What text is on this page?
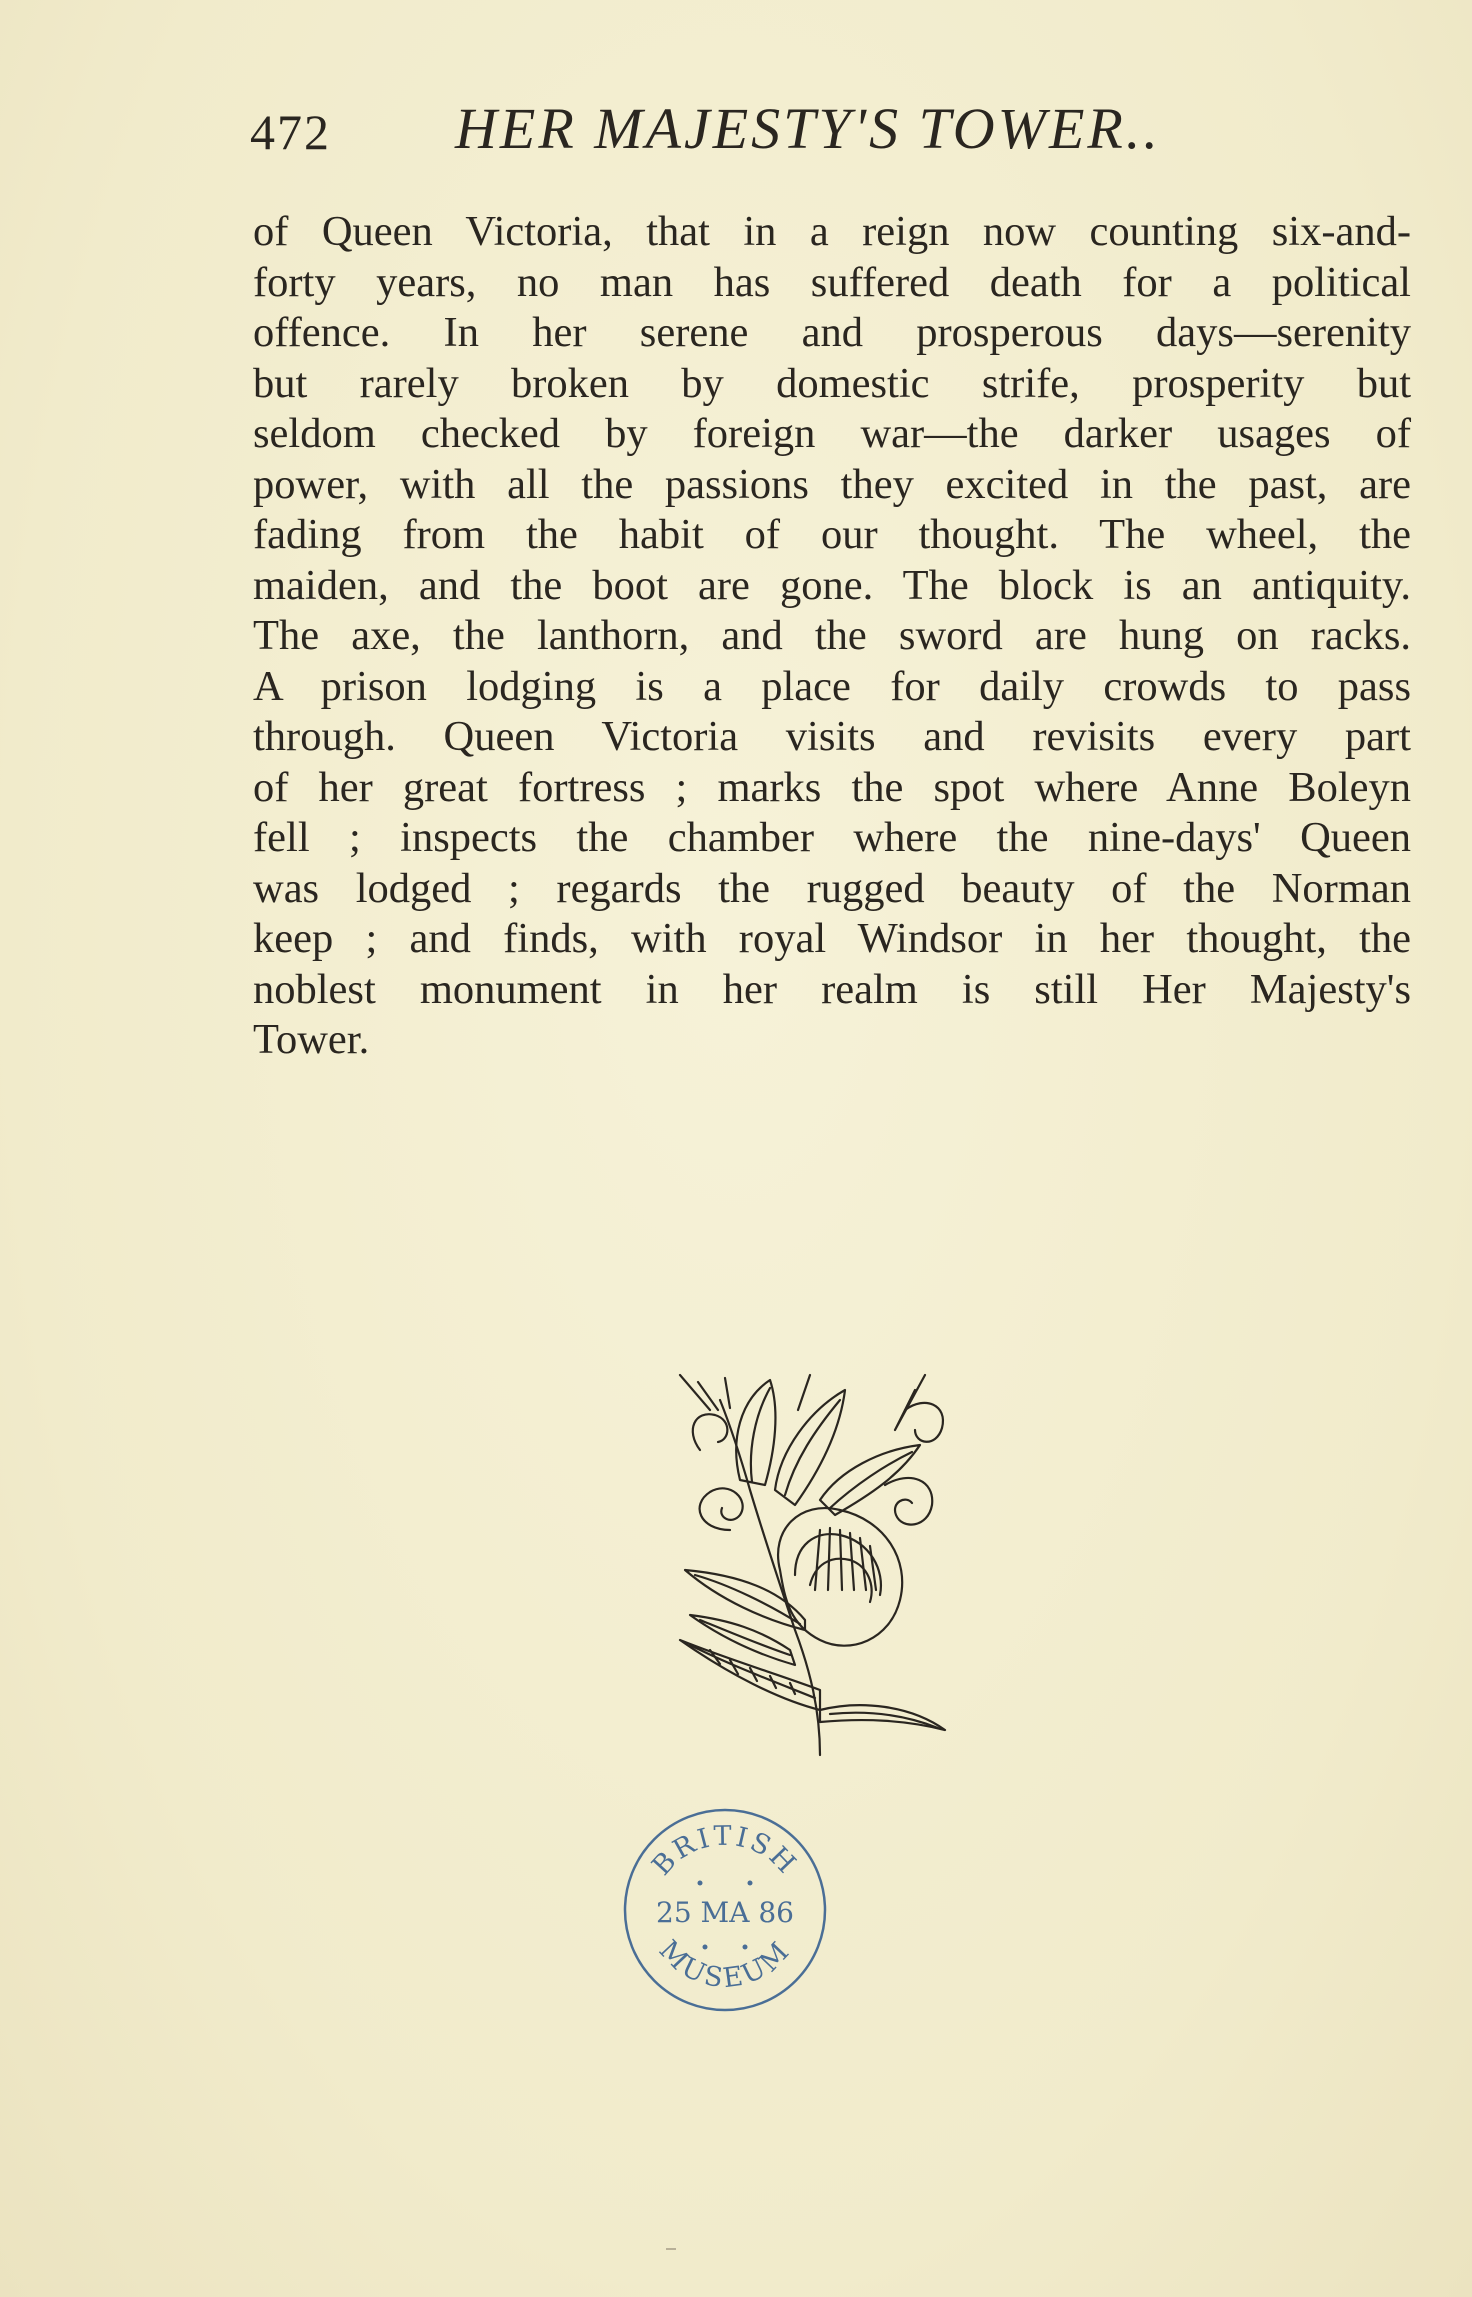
472 HER MAJESTY'S TOWER..
of Queen Victoria, that in a reign now counting six-and-
forty years, no man has suffered death for a political
offence. In her serene and prosperous days—serenity
but rarely broken by domestic strife, prosperity but
seldom checked by foreign war—the darker usages of
power, with all the passions they excited in the past, are
fading from the habit of our thought. The wheel, the
maiden, and the boot are gone. The block is an antiquity.
The axe, the lanthorn, and the sword are hung on racks.
A prison lodging is a place for daily crowds to pass
through. Queen Victoria visits and revisits every part
of her great fortress ; marks the spot where Anne Boleyn
fell ; inspects the chamber where the nine-days' Queen
was lodged ; regards the rugged beauty of the Norman
keep ; and finds, with royal Windsor in her thought, the
noblest monument in her realm is still Her Majesty's
Tower.
BRITISH
25 MA 86
MUSEUM
